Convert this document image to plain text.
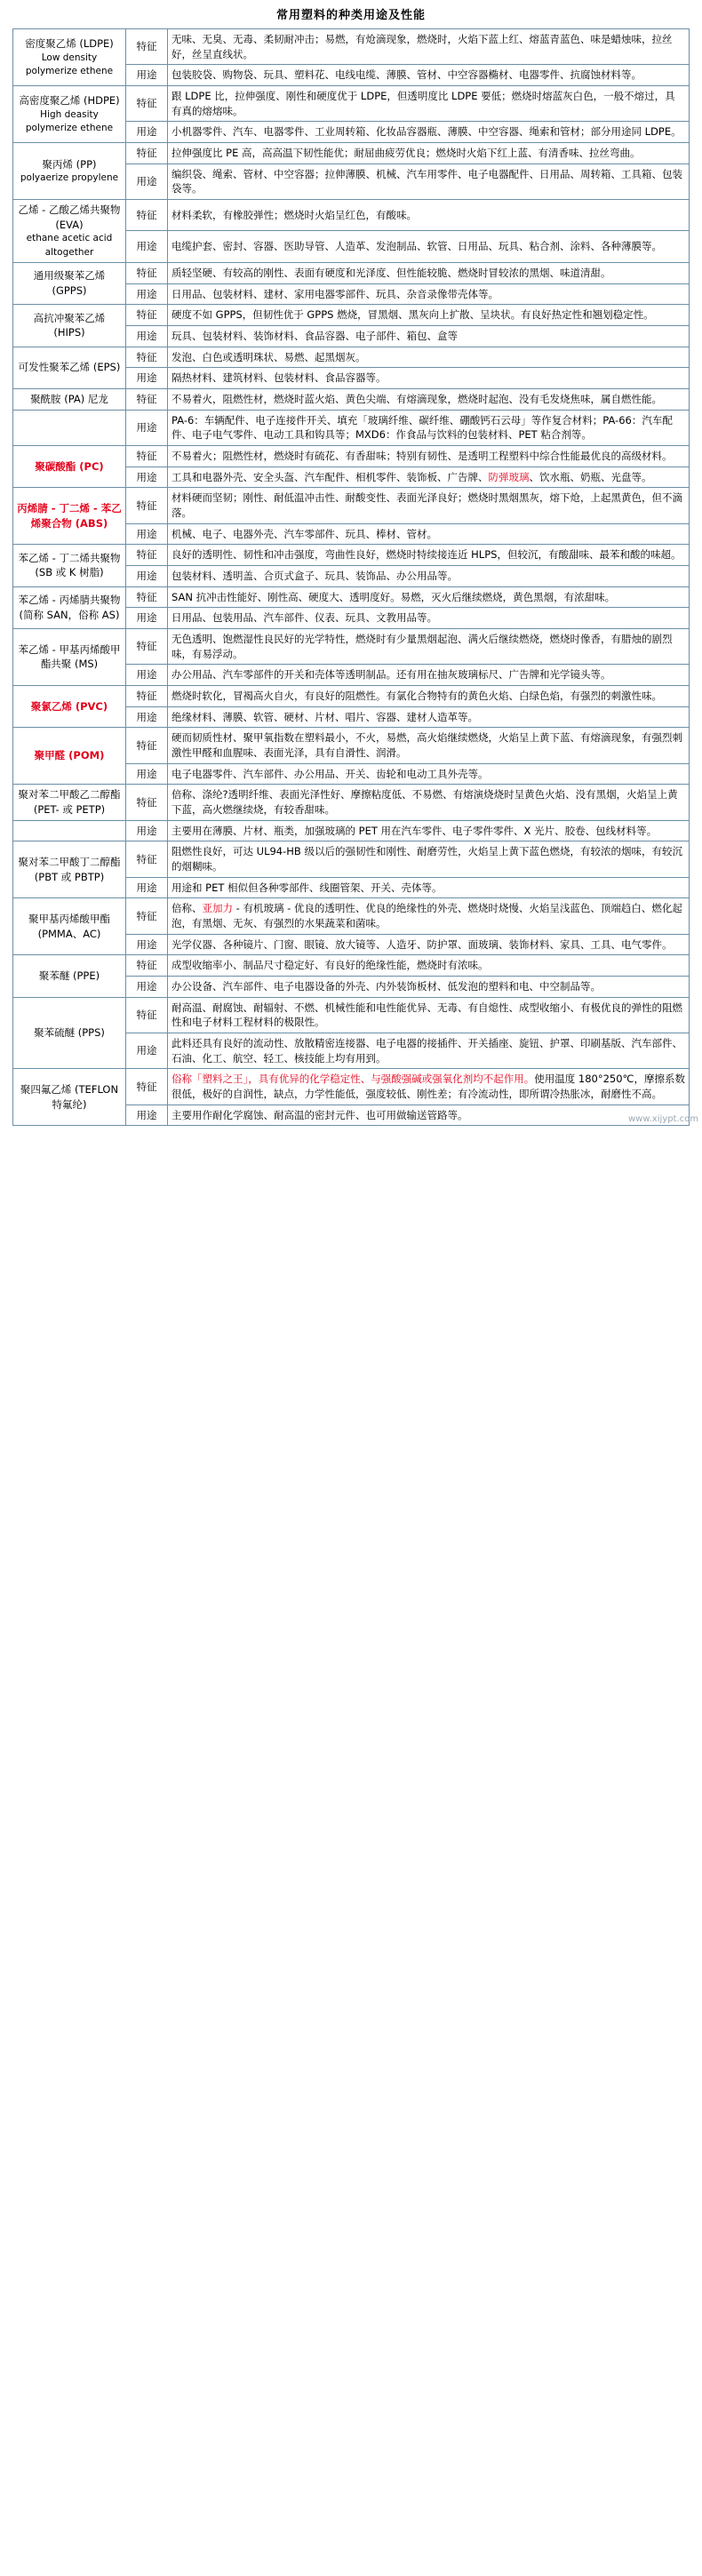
常用塑料的种类用途及性能
密度聚乙烯 (LDPE)
Low density polymerize ethene	特征	无味、无臭、无毒、柔韧耐冲击；易燃，有炝滴现象，燃烧时，火焰下蓝上红、熔蓝青蓝色、味是蜡烛味，拉丝好，丝呈直线状。
	用途	包装胶袋、购物袋、玩具、塑料花、电线电缆、薄膜、管材、中空容器椭材、电器零件、抗腐蚀材料等。

高密度聚乙烯 (HDPE)
High deasity polymerize ethene	特征	跟 LDPE 比，拉伸强度、刚性和硬度优于 LDPE，但透明度比 LDPE 要低；燃烧时熔蓝灰白色，一般不熔过，具有真的熔熔味。
	用途	小机器零件、汽车、电器零件、工业周转箱、化妆品容器瓶、薄膜、中空容器、绳索和管材；部分用途同 LDPE。

聚丙烯 (PP)
polyaerize propylene	特征	拉伸强度比 PE 高，高高温下韧性能优；耐屈曲疲劳优良；燃烧时火焰下红上蓝、有清香味、拉丝弯曲。
	用途	编织袋、绳索、管材、中空容器；拉伸薄膜、机械、汽车用零件、电子电器配件、日用品、周转箱、工具箱、包装袋等。

乙烯 - 乙酸乙烯共聚物 (EVA)
ethane acetic acid altogether	特征	材料柔软，有橡胶弹性；燃烧时火焰呈红色，有酸味。
	用途	电缆护套、密封、容器、医助导管、人造革、发泡制品、软管、日用品、玩具、粘合剂、涂料、各种薄膜等。

通用级聚苯乙烯 (GPPS)	特征	质轻坚硬、有较高的刚性、表面有硬度和光泽度、但性能较脆、燃烧时冒较浓的黑烟、味道清甜。
	用途	日用品、包装材料、建材、家用电器零部件、玩具、杂音录像带壳体等。

高抗冲聚苯乙烯 (HIPS)	特征	硬度不如 GPPS，但韧性优于 GPPS 燃烧，冒黑烟、黑灰向上扩散、呈块状。有良好热定性和翘划稳定性。
	用途	玩具、包装材料、装饰材料、食品容器、电子部件、箱包、盒等

可发性聚苯乙烯 (EPS)	特征	发泡、白色或透明珠状、易燃、起黑烟灰。
	用途	隔热材料、建筑材料、包装材料、食品容器等。

聚酰胺 (PA) 尼龙	特征	不易着火，阻燃性材，燃烧时蓝火焰、黄色尖端、有熔滴现象，燃烧时起泡、没有毛发烧焦味，属自燃性能。
	用途	PA-6：车辆配件、电子连接件开关、填充「玻璃纤维、碳纤维、硼酸钙石云母」等作复合材料；PA-66：汽车配件、电子电气零件、电动工具和钩具等；MXD6：作食品与饮料的包装材料、PET 粘合剂等。

聚碳酸酯 (PC)	特征	不易着火；阻燃性材，燃烧时有硫花、有香甜味；特别有韧性、是透明工程塑料中综合性能最优良的高级材料。
	用途	工具和电器外壳、安全头盔、汽车配件、相机零件、装饰板、广告牌、防弹玻璃、饮水瓶、奶瓶、光盘等。

丙烯腈 - 丁二烯 - 苯乙烯聚合物 (ABS)	特征	材料硬而坚韧；刚性、耐低温冲击性、耐酸变性、表面光泽良好；燃烧时黑烟黑灰，熔下炝，上起黑黄色，但不滴落。
	用途	机械、电子、电器外壳、汽车零部件、玩具、棒材、管材。

苯乙烯 - 丁二烯共聚物 (SB 或 K 树脂)	特征	良好的透明性、韧性和冲击强度，弯曲性良好，燃烧时特续接连近 HLPS，但较沉，有酸甜味、最苯和酸的味超。
	用途	包装材料、透明盖、合页式盒子、玩具、装饰品、办公用品等。

苯乙烯 - 丙烯腈共聚物 (简称 SAN，俗称 AS)	特征	SAN 抗冲击性能好、刚性高、硬度大、透明度好。易燃，灭火后继续燃烧，黄色黑烟，有浓甜味。
	用途	日用品、包装用品、汽车部件、仪表、玩具、文教用品等。

苯乙烯 - 甲基丙烯酸甲酯共聚 (MS)	特征	无色透明、饱燃湿性良民好的光学特性，燃烧时有少量黑烟起泡、满火后继续燃烧，燃烧时像香，有腊烛的剧烈味，有易浮动。
	用途	办公用品、汽车零部件的开关和壳体等透明制品。还有用在抽灰玻璃标尺、广告牌和光学镜头等。

聚氯乙烯 (PVC)	特征	燃烧时软化，冒褐高火自火，有良好的阻燃性。有氯化合物特有的黄色火焰、白绿色焰，有强烈的刺激性味。
	用途	绝缘材料、薄膜、软管、硬材、片材、唱片、容器、建材人造革等。

聚甲醛 (POM)	特征	硬而韧质性材、聚甲氧指数在塑料最小，不火，易燃，高火焰继续燃烧，火焰呈上黄下蓝、有熔滴现象，有强烈刺激性甲醛和血腥味、表面光泽，具有自滑性、润滑。
	用途	电子电器零件、汽车部件、办公用品、开关、齿轮和电动工具外壳等。

聚对苯二甲酸乙二醇酯 (PET- 或 PETP)	特征	倍称、涤纶?透明纤维、表面光泽性好、摩擦粘度低、不易燃、有熔演烧烧时呈黄色火焰、没有黑烟，火焰呈上黄下蓝，高火燃继续烧，有较香甜味。
	用途	主要用在薄膜、片材、瓶类，加强玻璃的 PET 用在汽车零件、电子零件零件、X 光片、胶卷、包线材料等。

聚对苯二甲酸丁二醇酯 (PBT 或 PBTP)	特征	阻燃性良好，可达 UL94-HB 级以后的强韧性和刚性、耐磨劳性，火焰呈上黄下蓝色燃烧，有较浓的烟味，有较沉的烟糊味。
	用途	用途和 PET 相似但各种零部件、线圈管架、开关、壳体等。

聚甲基丙烯酸甲酯 (PMMA、AC)	特征	倍称、亚加力 - 有机玻璃 - 优良的透明性、优良的绝缘性的外壳、燃烧时烧慢、火焰呈浅蓝色、顶端趋白、燃化起泡，有黑烟、无灰、有强烈的水果蔬菜和菌味。
	用途	光学仪器、各种镜片、门窗、眼镜、放大镜等、人造牙、防护罩、面玻璃、装饰材料、家具、工具、电气零件。

聚苯醚 (PPE)	特征	成型收缩率小、制品尺寸稳定好、有良好的绝缘性能，燃烧时有浓味。
	用途	办公设备、汽车部件、电子电器设备的外壳、内外装饰板材、低发泡的塑料和电、中空制品等。

聚苯硫醚 (PPS)	特征	耐高温、耐腐蚀、耐辐射、不燃、机械性能和电性能优异、无毒、有自熄性、成型收缩小、有极优良的弹性的阻燃性和电子材料工程材料的极限性。
	用途	此料还具有良好的流动性、放散精密连接器、电子电器的接插件、开关插座、旋钮、护罩、印刷基版、汽车部件、石油、化工、航空、轻工、核技能上均有用到。

聚四氟乙烯 (TEFLON 特氟纶)	特征	俗称「塑料之王」，具有优异的化学稳定性、与强酸强碱或强氧化剂均不起作用。使用温度 180°250℃，摩擦系数很低，极好的自润性，缺点，力学性能低，强度较低、刚性差；有冷流动性，即所谓冷热胀冰，耐磨性不高。
	用途	主要用作耐化学腐蚀、耐高温的密封元件、也可用做输送管路等。	www.xijypt.com
